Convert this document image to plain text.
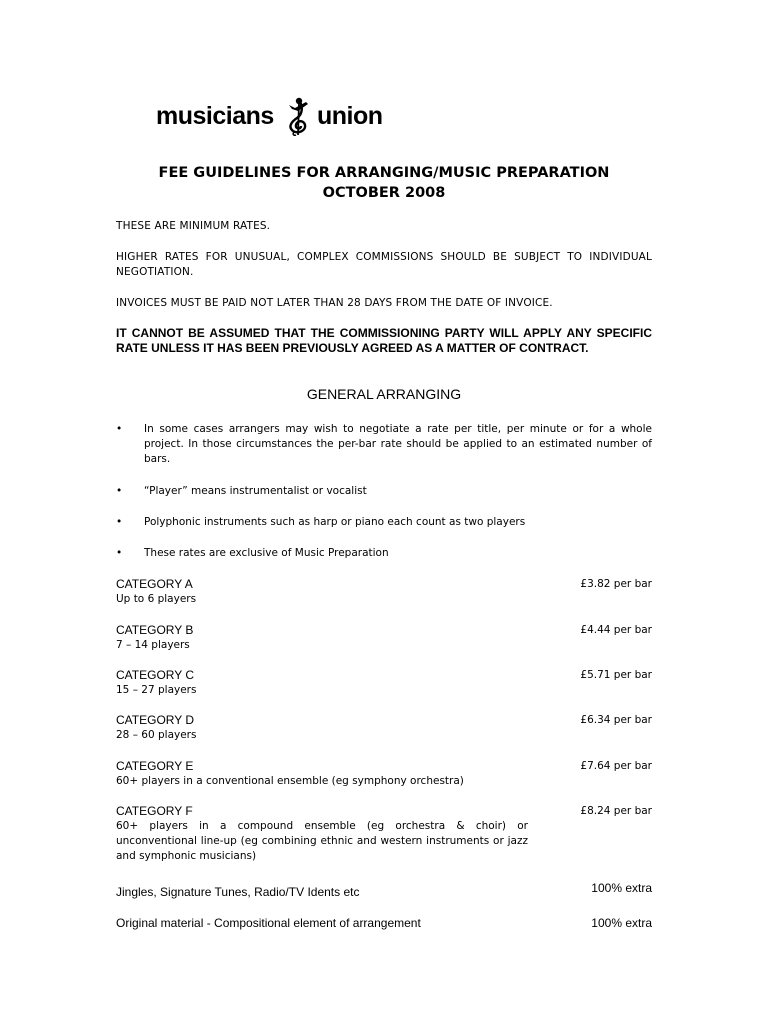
musicians union
FEE GUIDELINES FOR ARRANGING/MUSIC PREPARATION
OCTOBER 2008
THESE ARE MINIMUM RATES.
HIGHER RATES FOR UNUSUAL, COMPLEX COMMISSIONS SHOULD BE SUBJECT TO INDIVIDUAL NEGOTIATION.
INVOICES MUST BE PAID NOT LATER THAN 28 DAYS FROM THE DATE OF INVOICE.
IT CANNOT BE ASSUMED THAT THE COMMISSIONING PARTY WILL APPLY ANY SPECIFIC RATE UNLESS IT HAS BEEN PREVIOUSLY AGREED AS A MATTER OF CONTRACT.
GENERAL ARRANGING
• In some cases arrangers may wish to negotiate a rate per title, per minute or for a whole project. In those circumstances the per-bar rate should be applied to an estimated number of bars.
• “Player” means instrumentalist or vocalist
• Polyphonic instruments such as harp or piano each count as two players
• These rates are exclusive of Music Preparation
CATEGORY A
Up to 6 players
£3.82 per bar
CATEGORY B
7 – 14 players
£4.44 per bar
CATEGORY C
15 – 27 players
£5.71 per bar
CATEGORY D
28 – 60 players
£6.34 per bar
CATEGORY E
60+ players in a conventional ensemble (eg symphony orchestra)
£7.64 per bar
CATEGORY F
60+ players in a compound ensemble (eg orchestra & choir) or unconventional line-up (eg combining ethnic and western instruments or jazz and symphonic musicians)
£8.24 per bar
Jingles, Signature Tunes, Radio/TV Idents etc	100% extra
Original material - Compositional element of arrangement	100% extra
